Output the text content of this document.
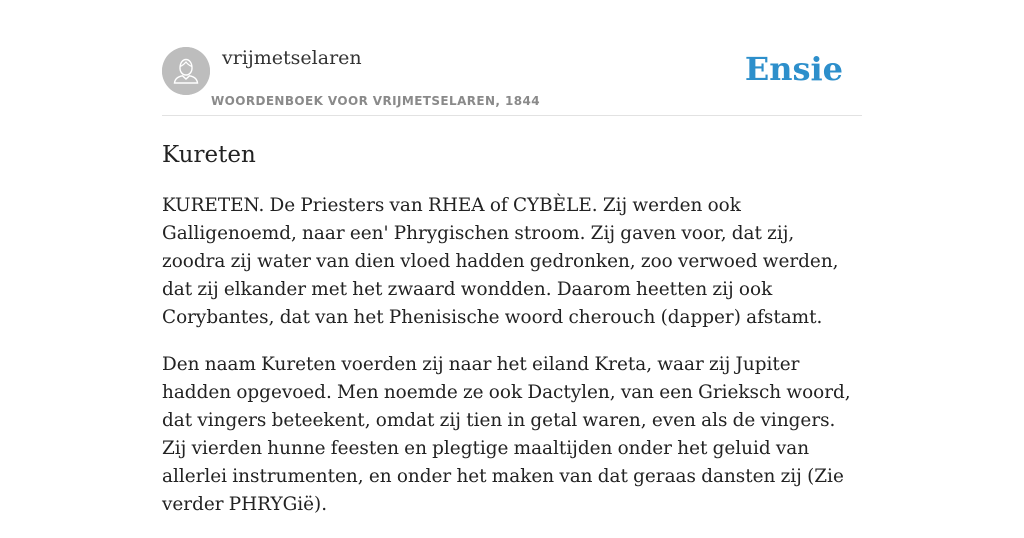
vrijmetselaren
WOORDENBOEK VOOR VRIJMETSELAREN, 1844
Ensie
Kureten

KURETEN. De Priesters van RHEA of CYBÈLE. Zij werden ook Galligenoemd, naar een' Phrygischen stroom. Zij gaven voor, dat zij, zoodra zij water van dien vloed hadden gedronken, zoo verwoed werden, dat zij elkander met het zwaard wondden. Daarom heetten zij ook Corybantes, dat van het Phenisische woord cherouch (dapper) afstamt.

Den naam Kureten voerden zij naar het eiland Kreta, waar zij Jupiter hadden opgevoed. Men noemde ze ook Dactylen, van een Grieksch woord, dat vingers beteekent, omdat zij tien in getal waren, even als de vingers. Zij vierden hunne feesten en plegtige maaltijden onder het geluid van allerlei instrumenten, en onder het maken van dat geraas dansten zij (Zie verder PHRYGië).
